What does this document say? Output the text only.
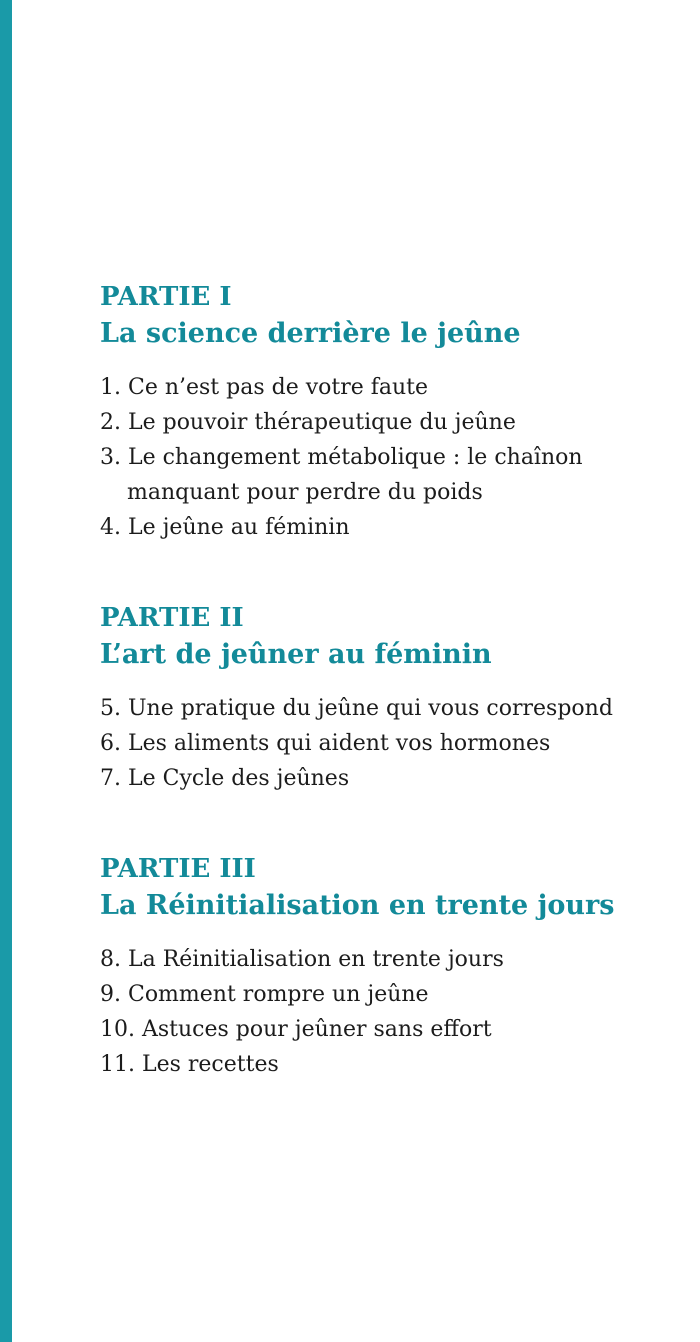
PARTIE I
La science derrière le jeûne
1. Ce n’est pas de votre faute
2. Le pouvoir thérapeutique du jeûne
3. Le changement métabolique : le chaînon
manquant pour perdre du poids
4. Le jeûne au féminin
PARTIE II
L’art de jeûner au féminin
5. Une pratique du jeûne qui vous correspond
6. Les aliments qui aident vos hormones
7. Le Cycle des jeûnes
PARTIE III
La Réinitialisation en trente jours
8. La Réinitialisation en trente jours
9. Comment rompre un jeûne
10. Astuces pour jeûner sans effort
11. Les recettes
